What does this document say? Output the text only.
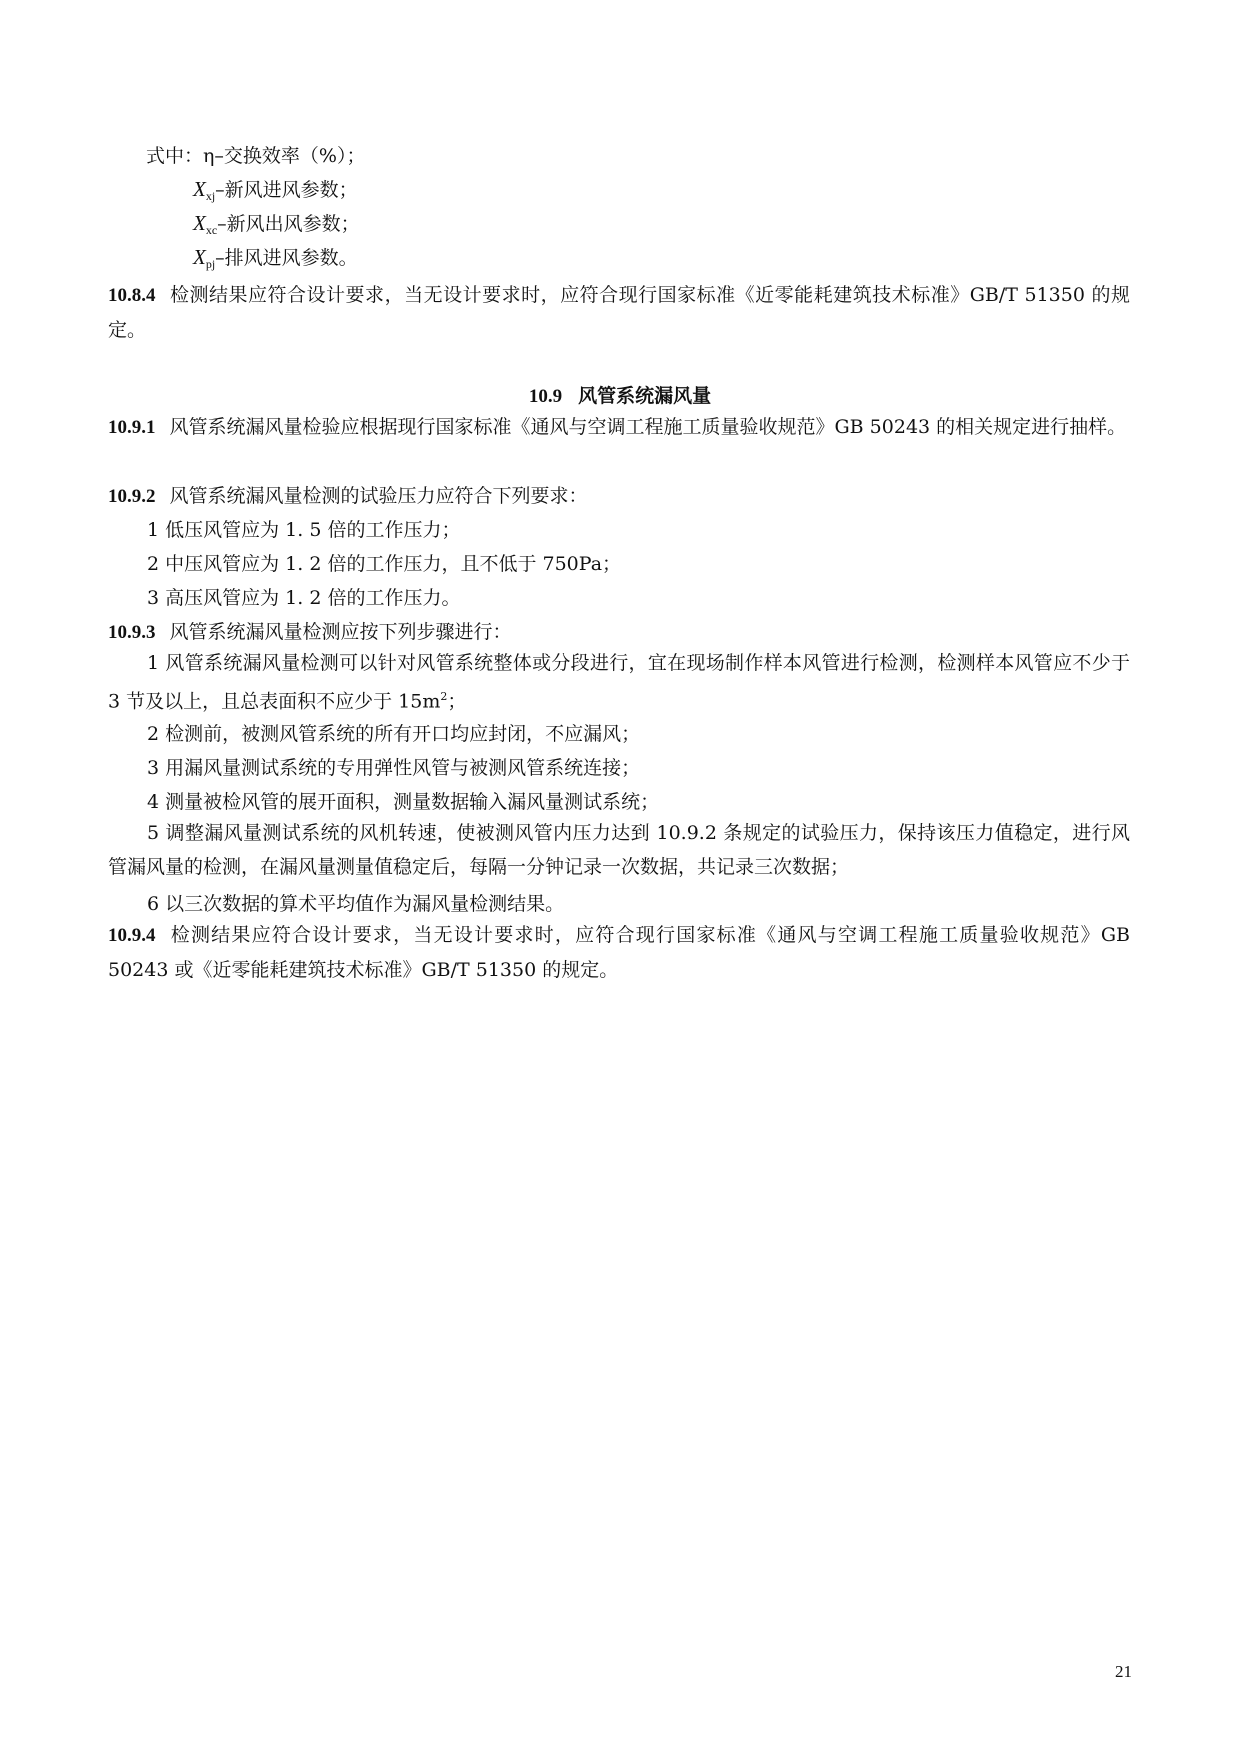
式中：η–交换效率（%）；
$X_{xj}-$新风进风参数；
$X_{xc}-$新风出风参数；
$X_{pj}-$排风进风参数。
10.8.4 检测结果应符合设计要求，当无设计要求时，应符合现行国家标准《近零能耗建筑技术标准》GB/T 51350 的规定。
10.9 风管系统漏风量
10.9.1 风管系统漏风量检验应根据现行国家标准《通风与空调工程施工质量验收规范》GB 50243 的相关规定进行抽样。
10.9.2 风管系统漏风量检测的试验压力应符合下列要求：
1 低压风管应为 1. 5 倍的工作压力；
2 中压风管应为 1. 2 倍的工作压力，且不低于 750Pa；
3 高压风管应为 1. 2 倍的工作压力。
10.9.3 风管系统漏风量检测应按下列步骤进行：
1 风管系统漏风量检测可以针对风管系统整体或分段进行，宜在现场制作样本风管进行检测，检测样本风管应不少于 3 节及以上，且总表面积不应少于 $15m^2$；
2 检测前，被测风管系统的所有开口均应封闭，不应漏风；
3 用漏风量测试系统的专用弹性风管与被测风管系统连接；
4 测量被检风管的展开面积，测量数据输入漏风量测试系统；
5 调整漏风量测试系统的风机转速，使被测风管内压力达到 10.9.2 条规定的试验压力，保持该压力值稳定，进行风管漏风量的检测，在漏风量测量值稳定后，每隔一分钟记录一次数据，共记录三次数据；
6 以三次数据的算术平均值作为漏风量检测结果。
10.9.4 检测结果应符合设计要求，当无设计要求时，应符合现行国家标准《通风与空调工程施工质量验收规范》GB 50243 或《近零能耗建筑技术标准》GB/T 51350 的规定。
21
